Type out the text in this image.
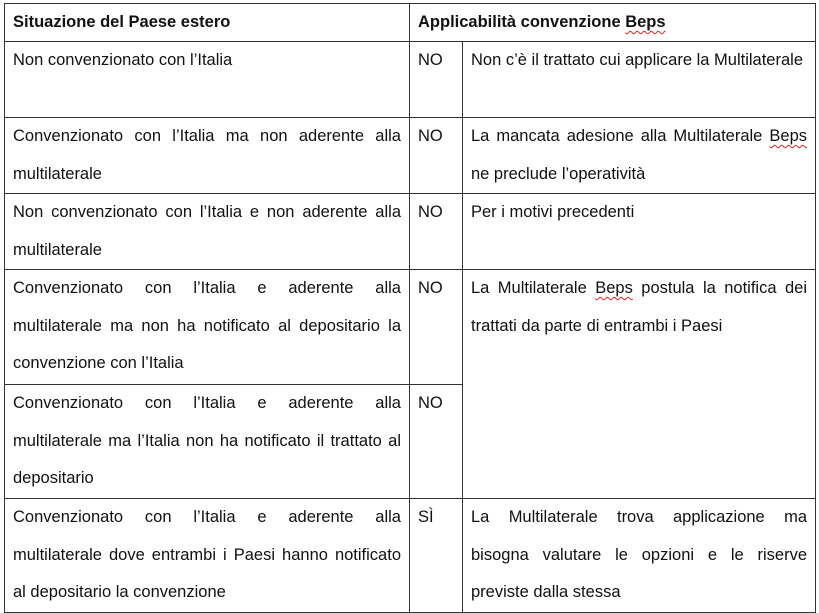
Situazione del Paese estero	Applicabilità convenzione Beps	
Non convenzionato con l’Italia	NO	Non c’è il trattato cui applicare la Multilaterale
Convenzionato con l’Italia ma non aderente alla multilaterale	NO	La mancata adesione alla Multilaterale Beps ne preclude l’operatività
Non convenzionato con l’Italia e non aderente alla multilaterale	NO	Per i motivi precedenti
Convenzionato con l’Italia e aderente alla multilaterale ma non ha notificato al depositario la convenzione con l’Italia	NO	La Multilaterale Beps postula la notifica dei trattati da parte di entrambi i Paesi
Convenzionato con l’Italia e aderente alla multilaterale ma l’Italia non ha notificato il trattato al depositario	NO	
Convenzionato con l’Italia e aderente alla multilaterale dove entrambi i Paesi hanno notificato al depositario la convenzione	SÌ	La Multilaterale trova applicazione ma bisogna valutare le opzioni e le riserve previste dalla stessa
